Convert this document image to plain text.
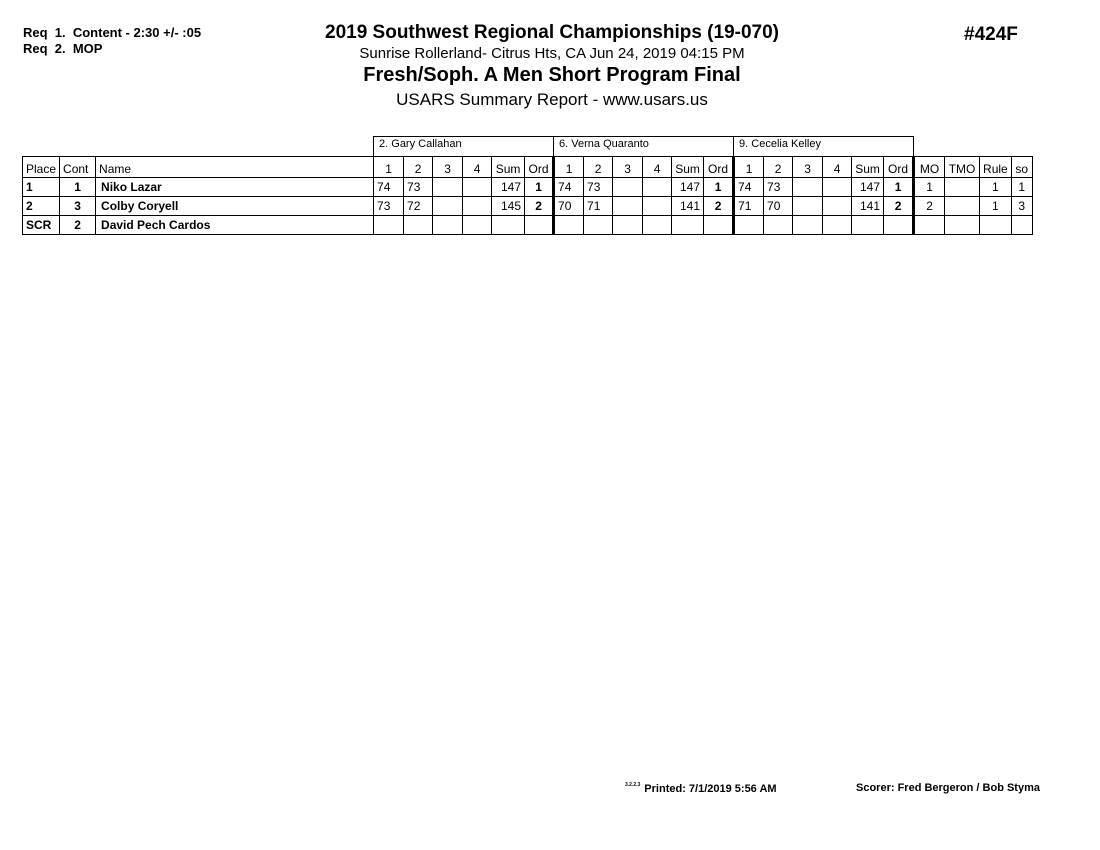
Req  1.  Content - 2:30 +/- :05
Req  2.  MOP
2019 Southwest Regional Championships (19-070)
Sunrise Rollerland- Citrus Hts, CA Jun 24, 2019 04:15 PM
Fresh/Soph. A Men Short Program Final
USARS Summary Report - www.usars.us
#424F
			2. Gary Callahan						6. Verna Quaranto						9. Cecelia Kelley									
Place	Cont	Name	1	2	3	4	Sum	Ord	1	2	3	4	Sum	Ord	1	2	3	4	Sum	Ord	MO	TMO	Rule	so
1	1	Niko Lazar	74	73			147	1	74	73			147	1	74	73			147	1	1		1	1
2	3	Colby Coryell	73	72			145	2	70	71			141	2	71	70			141	2	2		1	3
SCR	2	David Pech Cardos																						
$^{3.2.2.3}$ Printed: 7/1/2019 5:56 AM	Scorer: Fred Bergeron / Bob Styma
